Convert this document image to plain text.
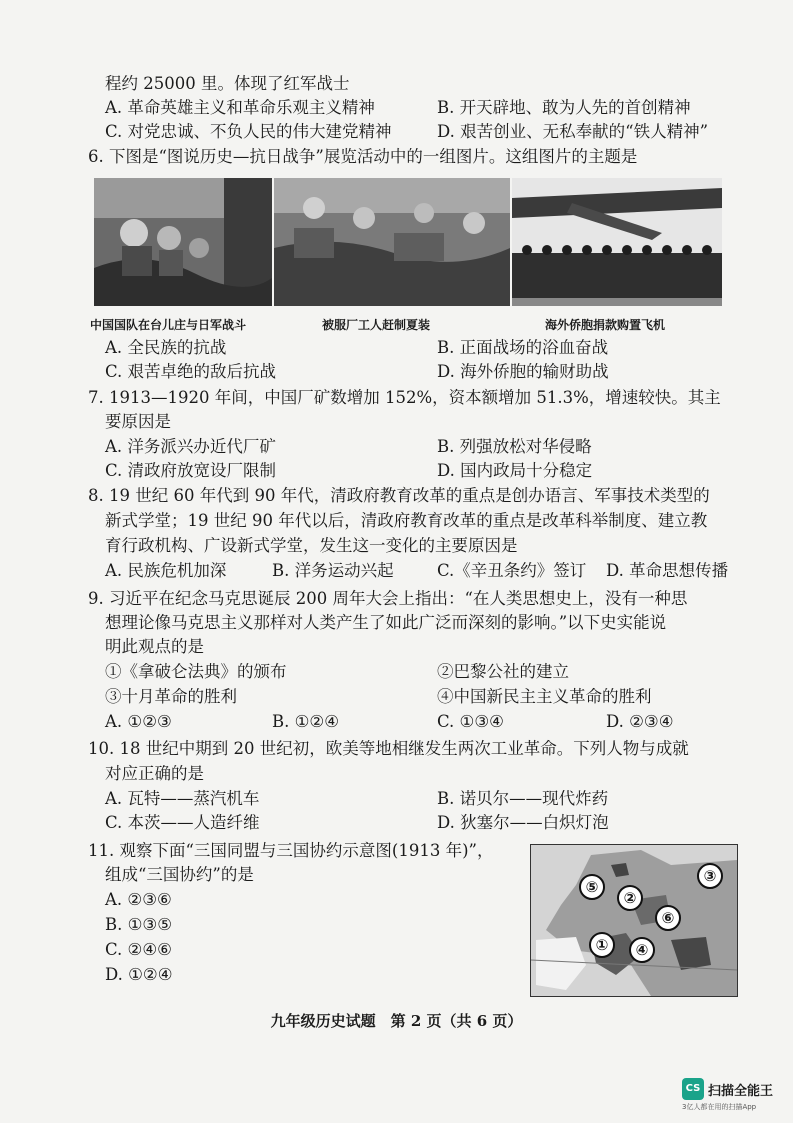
程约 25000 里。体现了红军战士
A. 革命英雄主义和革命乐观主义精神	B. 开天辟地、敢为人先的首创精神
C. 对党忠诚、不负人民的伟大建党精神	D. 艰苦创业、无私奉献的“铁人精神”
6. 下图是“图说历史—抗日战争”展览活动中的一组图片。这组图片的主题是
中国国队在台儿庄与日军战斗	被服厂工人赶制夏装	海外侨胞捐款购置飞机
A. 全民族的抗战	B. 正面战场的浴血奋战
C. 艰苦卓绝的敌后抗战	D. 海外侨胞的输财助战
7. 1913—1920 年间，中国厂矿数增加 152%，资本额增加 51.3%，增速较快。其主
要原因是
A. 洋务派兴办近代厂矿	B. 列强放松对华侵略
C. 清政府放宽设厂限制	D. 国内政局十分稳定
8. 19 世纪 60 年代到 90 年代，清政府教育改革的重点是创办语言、军事技术类型的
新式学堂；19 世纪 90 年代以后，清政府教育改革的重点是改革科举制度、建立教
育行政机构、广设新式学堂，发生这一变化的主要原因是
A. 民族危机加深	B. 洋务运动兴起	C.《辛丑条约》签订 D. 革命思想传播
9. 习近平在纪念马克思诞辰 200 周年大会上指出：“在人类思想史上，没有一种思
想理论像马克思主义那样对人类产生了如此广泛而深刻的影响。”以下史实能说
明此观点的是
①《拿破仑法典》的颁布	②巴黎公社的建立
③十月革命的胜利	④中国新民主主义革命的胜利
A. ①②③	B. ①②④	C. ①③④	D. ②③④
10. 18 世纪中期到 20 世纪初，欧美等地相继发生两次工业革命。下列人物与成就
对应正确的是
A. 瓦特——蒸汽机车	B. 诺贝尔——现代炸药
C. 本茨——人造纤维	D. 狄塞尔——白炽灯泡
11. 观察下面“三国同盟与三国协约示意图(1913 年)”，
组成“三国协约”的是
A. ②③⑥
B. ①③⑤
C. ②④⑥
D. ①②④
①
②
③
④
⑤
⑥
九年级历史试题　第 2 页（共 6 页）
CS 扫描全能王
3亿人都在用的扫描App
